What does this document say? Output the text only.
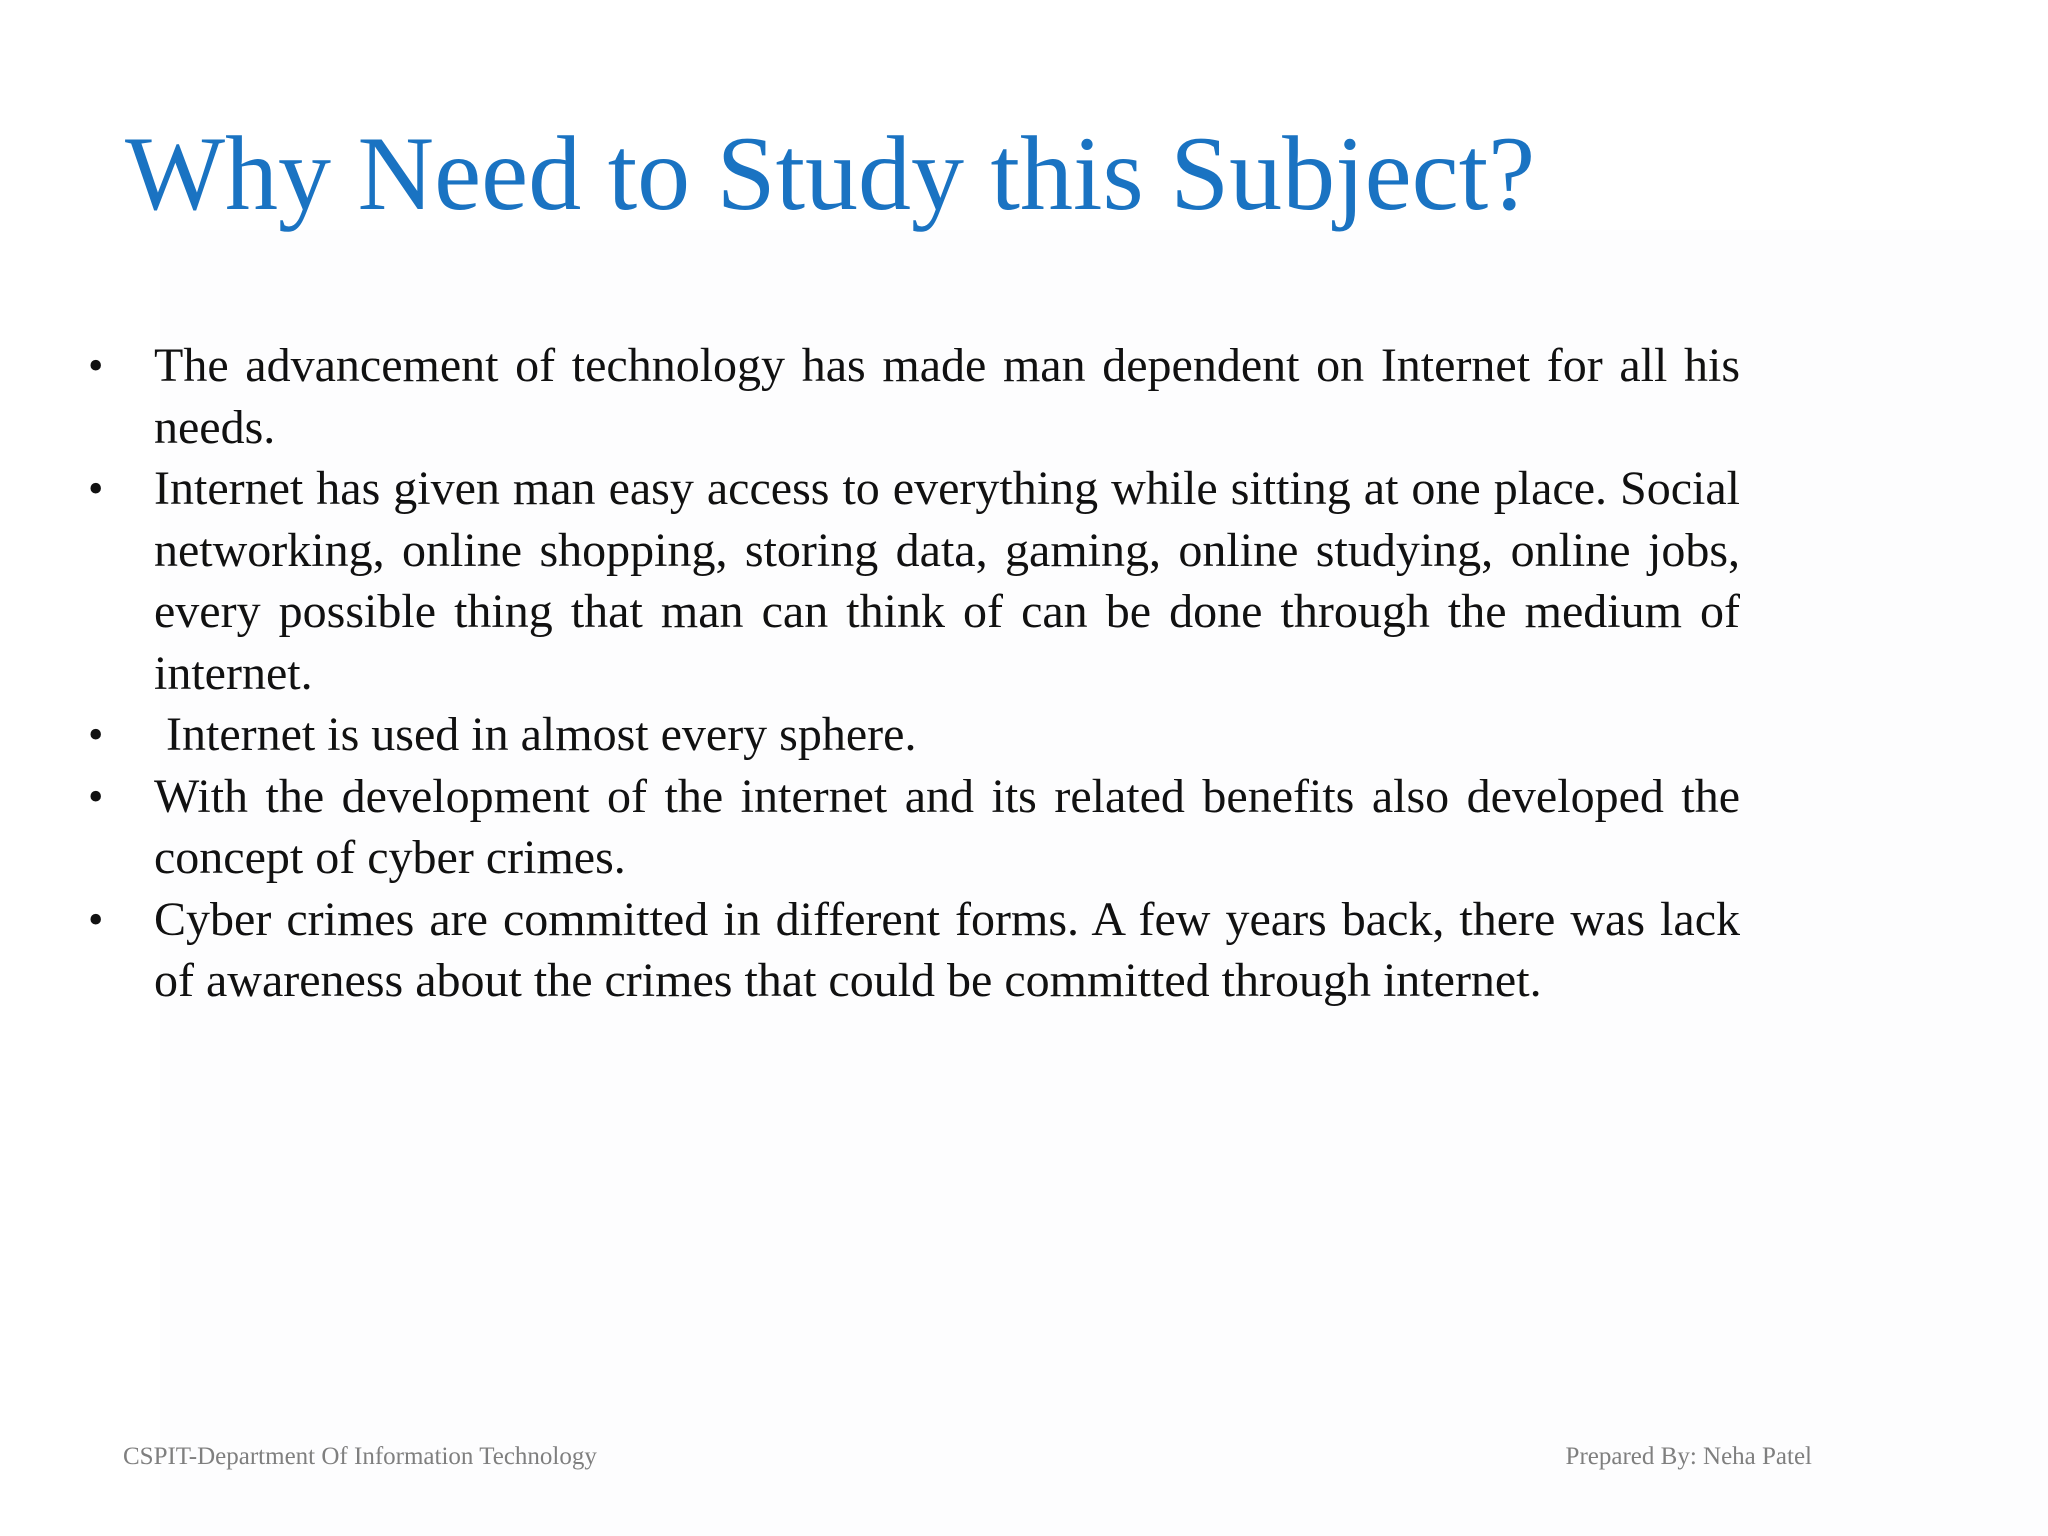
Why Need to Study this Subject?
• The advancement of technology has made man dependent on Internet for all his needs.
• Internet has given man easy access to everything while sitting at one place. Social networking, online shopping, storing data, gaming, online studying, online jobs, every possible thing that man can think of can be done through the medium of internet.
• Internet is used in almost every sphere.
• With the development of the internet and its related benefits also developed the concept of cyber crimes.
• Cyber crimes are committed in different forms. A few years back, there was lack of awareness about the crimes that could be committed through internet.
CSPIT-Department Of Information Technology	Prepared By: Neha Patel
